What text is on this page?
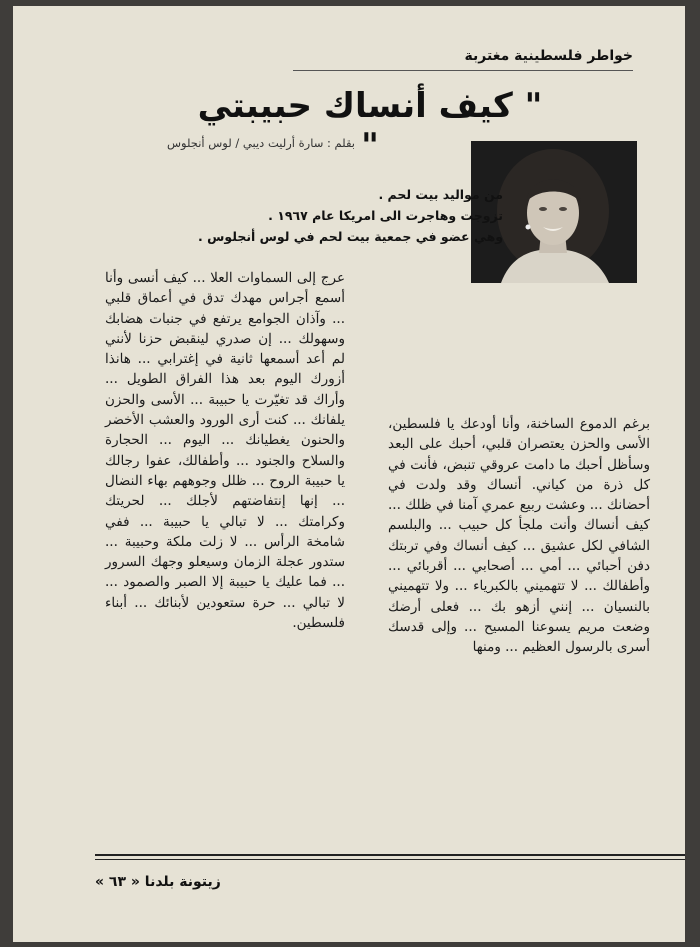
خواطر فلسطينية مغتربة
" كيف أنساك حبيبتي "
بقلم : سارة أرليت ديبي / لوس أنجلوس
من مواليد بيت لحم .
تزوجت وهاجرت الى امريكا عام ١٩٦٧ .
وهي عضو في جمعية بيت لحم في لوس أنجلوس .

عرج إلى السماوات العلا ... كيف أنسى وأنا أسمع أجراس مهدك تدق في أعماق قلبي ... وآذان الجوامع يرتفع في جنبات هضابك وسهولك ... إن صدري لينقبض حزنا لأنني لم أعد أسمعها ثانية في إغترابي ... هانذا أزورك اليوم بعد هذا الفراق الطويل ... وأراك قد تغيّرت يا حبيبة ... الأسى والحزن يلفانك ... كنت أرى الورود والعشب الأخضر والحنون يغطيانك ... اليوم ... الحجارة والسلاح والجنود ... وأطفالك، عفوا رجالك يا حبيبة الروح ... ظلل وجوههم بهاء النضال ... إنها إنتفاضتهم لأجلك ... لحريتك وكرامتك ... لا تبالي يا حبيبة ... ففي شامخة الرأس ... لا زلت ملكة وحبيبة ... ستدور عجلة الزمان وسيعلو وجهك السرور ... فما عليك يا حبيبة إلا الصبر والصمود ... لا تبالي ... حرة ستعودين لأبنائك ... أبناء فلسطين.

برغم الدموع الساخنة، وأنا أودعك يا فلسطين، الأسى والحزن يعتصران قلبي، أحبك على البعد وسأظل أحبك ما دامت عروقي تنبض، فأنت في كل ذرة من كياني. أنساك وقد ولدت في أحضانك ... وعشت ربيع عمري آمنا في ظلك ... كيف أنساك وأنت ملجأ كل حبيب ... والبلسم الشافي لكل عشيق ... كيف أنساك وفي تربتك دفن أحبائي ... أمي ... أصحابي ... أقربائي ... وأطفالك ... لا تتهميني بالكبرياء ... ولا تتهميني بالنسيان ... إنني أزهو بك ... فعلى أرضك وضعت مريم يسوعنا المسيح ... وإلى قدسك أسرى بالرسول العظيم ... ومنها

زيتونة بلدنا « ٦٣ »
